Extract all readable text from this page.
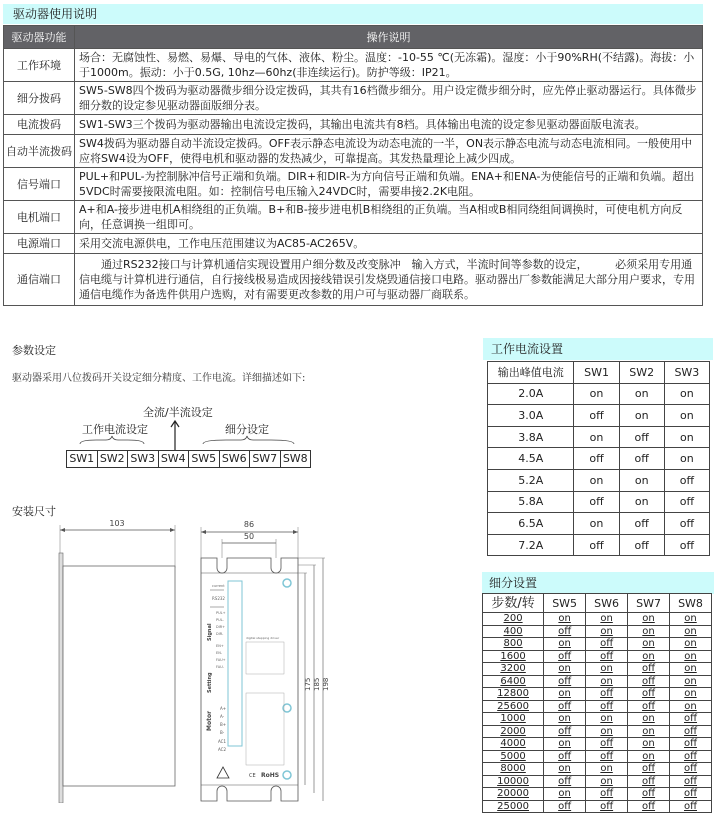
驱动器使用说明
驱动器功能	操作说明
工作环境	场合：无腐蚀性、易燃、易爆、导电的气体、液体、粉尘。温度：-10-55 ℃(无冻霜)。湿度：小于90%RH(不结露)。海拔：小于1000m。振动：小于0.5G, 10hz—60hz(非连续运行)。防护等级：IP21。
细分拨码	SW5-SW8四个拨码为驱动器微步细分设定拨码，其共有16档微步细分。用户设定微步细分时，应先停止驱动器运行。具体微步细分数的设定参见驱动器面版细分表。
电流拨码	SW1-SW3三个拨码为驱动器输出电流设定拨码，其输出电流共有8档。具体输出电流的设定参见驱动器面版电流表。
自动半流拨码	SW4拨码为驱动器自动半流设定拨码。OFF表示静态电流设为动态电流的一半，ON表示静态电流与动态电流相同。一般使用中应将SW4设为OFF，使得电机和驱动器的发热减少，可靠提高。其发热量理论上减少四成。
信号端口	PUL+和PUL-为控制脉冲信号正端和负端。DIR+和DIR-为方向信号正端和负端。ENA+和ENA-为使能信号的正端和负端。超出5VDC时需要接限流电阻。如：控制信号电压输入24VDC时，需要串接2.2K电阻。
电机端口	A+和A-接步进电机A相绕组的正负端。B+和B-接步进电机B相绕组的正负端。当A相或B相同绕组间调换时，可使电机方向反向，任意调换一组即可。
电源端口	采用交流电源供电，工作电压范围建议为AC85-AC265V。
通信端口	　　通过RS232接口与计算机通信实现设置用户细分数及改变脉冲　输入方式，半流时间等参数的设定，　　　必须采用专用通信电缆与计算机进行通信，自行接线极易造成因接线错误引发烧毁通信接口电路。驱动器出厂参数能满足大部分用户要求，专用通信电缆作为备选件供用户选购，对有需要更改参数的用户可与驱动器厂商联系。
参数设定
驱动器采用八位拨码开关设定细分精度、工作电流。详细描述如下:
全流/半流设定
工作电流设定	细分设定
SW1 SW2 SW3 SW4 SW5 SW6 SW7 SW8
安装尺寸
103	86
50
current
RS232
PUL+
PUL-
DIR+
DIR-
EN+
EN-
FAU+
FAU-
Signal
Setting
Motor
A+
A-
B+
B-
AC1
AC2
digital stepping driver
CE RoHS
175 185 198
工作电流设置
输出峰值电流	SW1	SW2	SW3
2.0A	on	on	on
3.0A	off	on	on
3.8A	on	off	on
4.5A	off	off	on
5.2A	on	on	off
5.8A	off	on	off
6.5A	on	off	off
7.2A	off	off	off
细分设置
步数/转	SW5	SW6	SW7	SW8
200	on	on	on	on
400	off	on	on	on
800	on	off	on	on
1600	off	off	on	on
3200	on	on	off	on
6400	off	on	off	on
12800	on	off	off	on
25600	off	off	off	on
1000	on	on	on	off
2000	off	on	on	off
4000	on	off	on	off
5000	off	off	on	off
8000	on	on	off	off
10000	off	on	off	off
20000	on	off	off	off
25000	off	off	off	off
